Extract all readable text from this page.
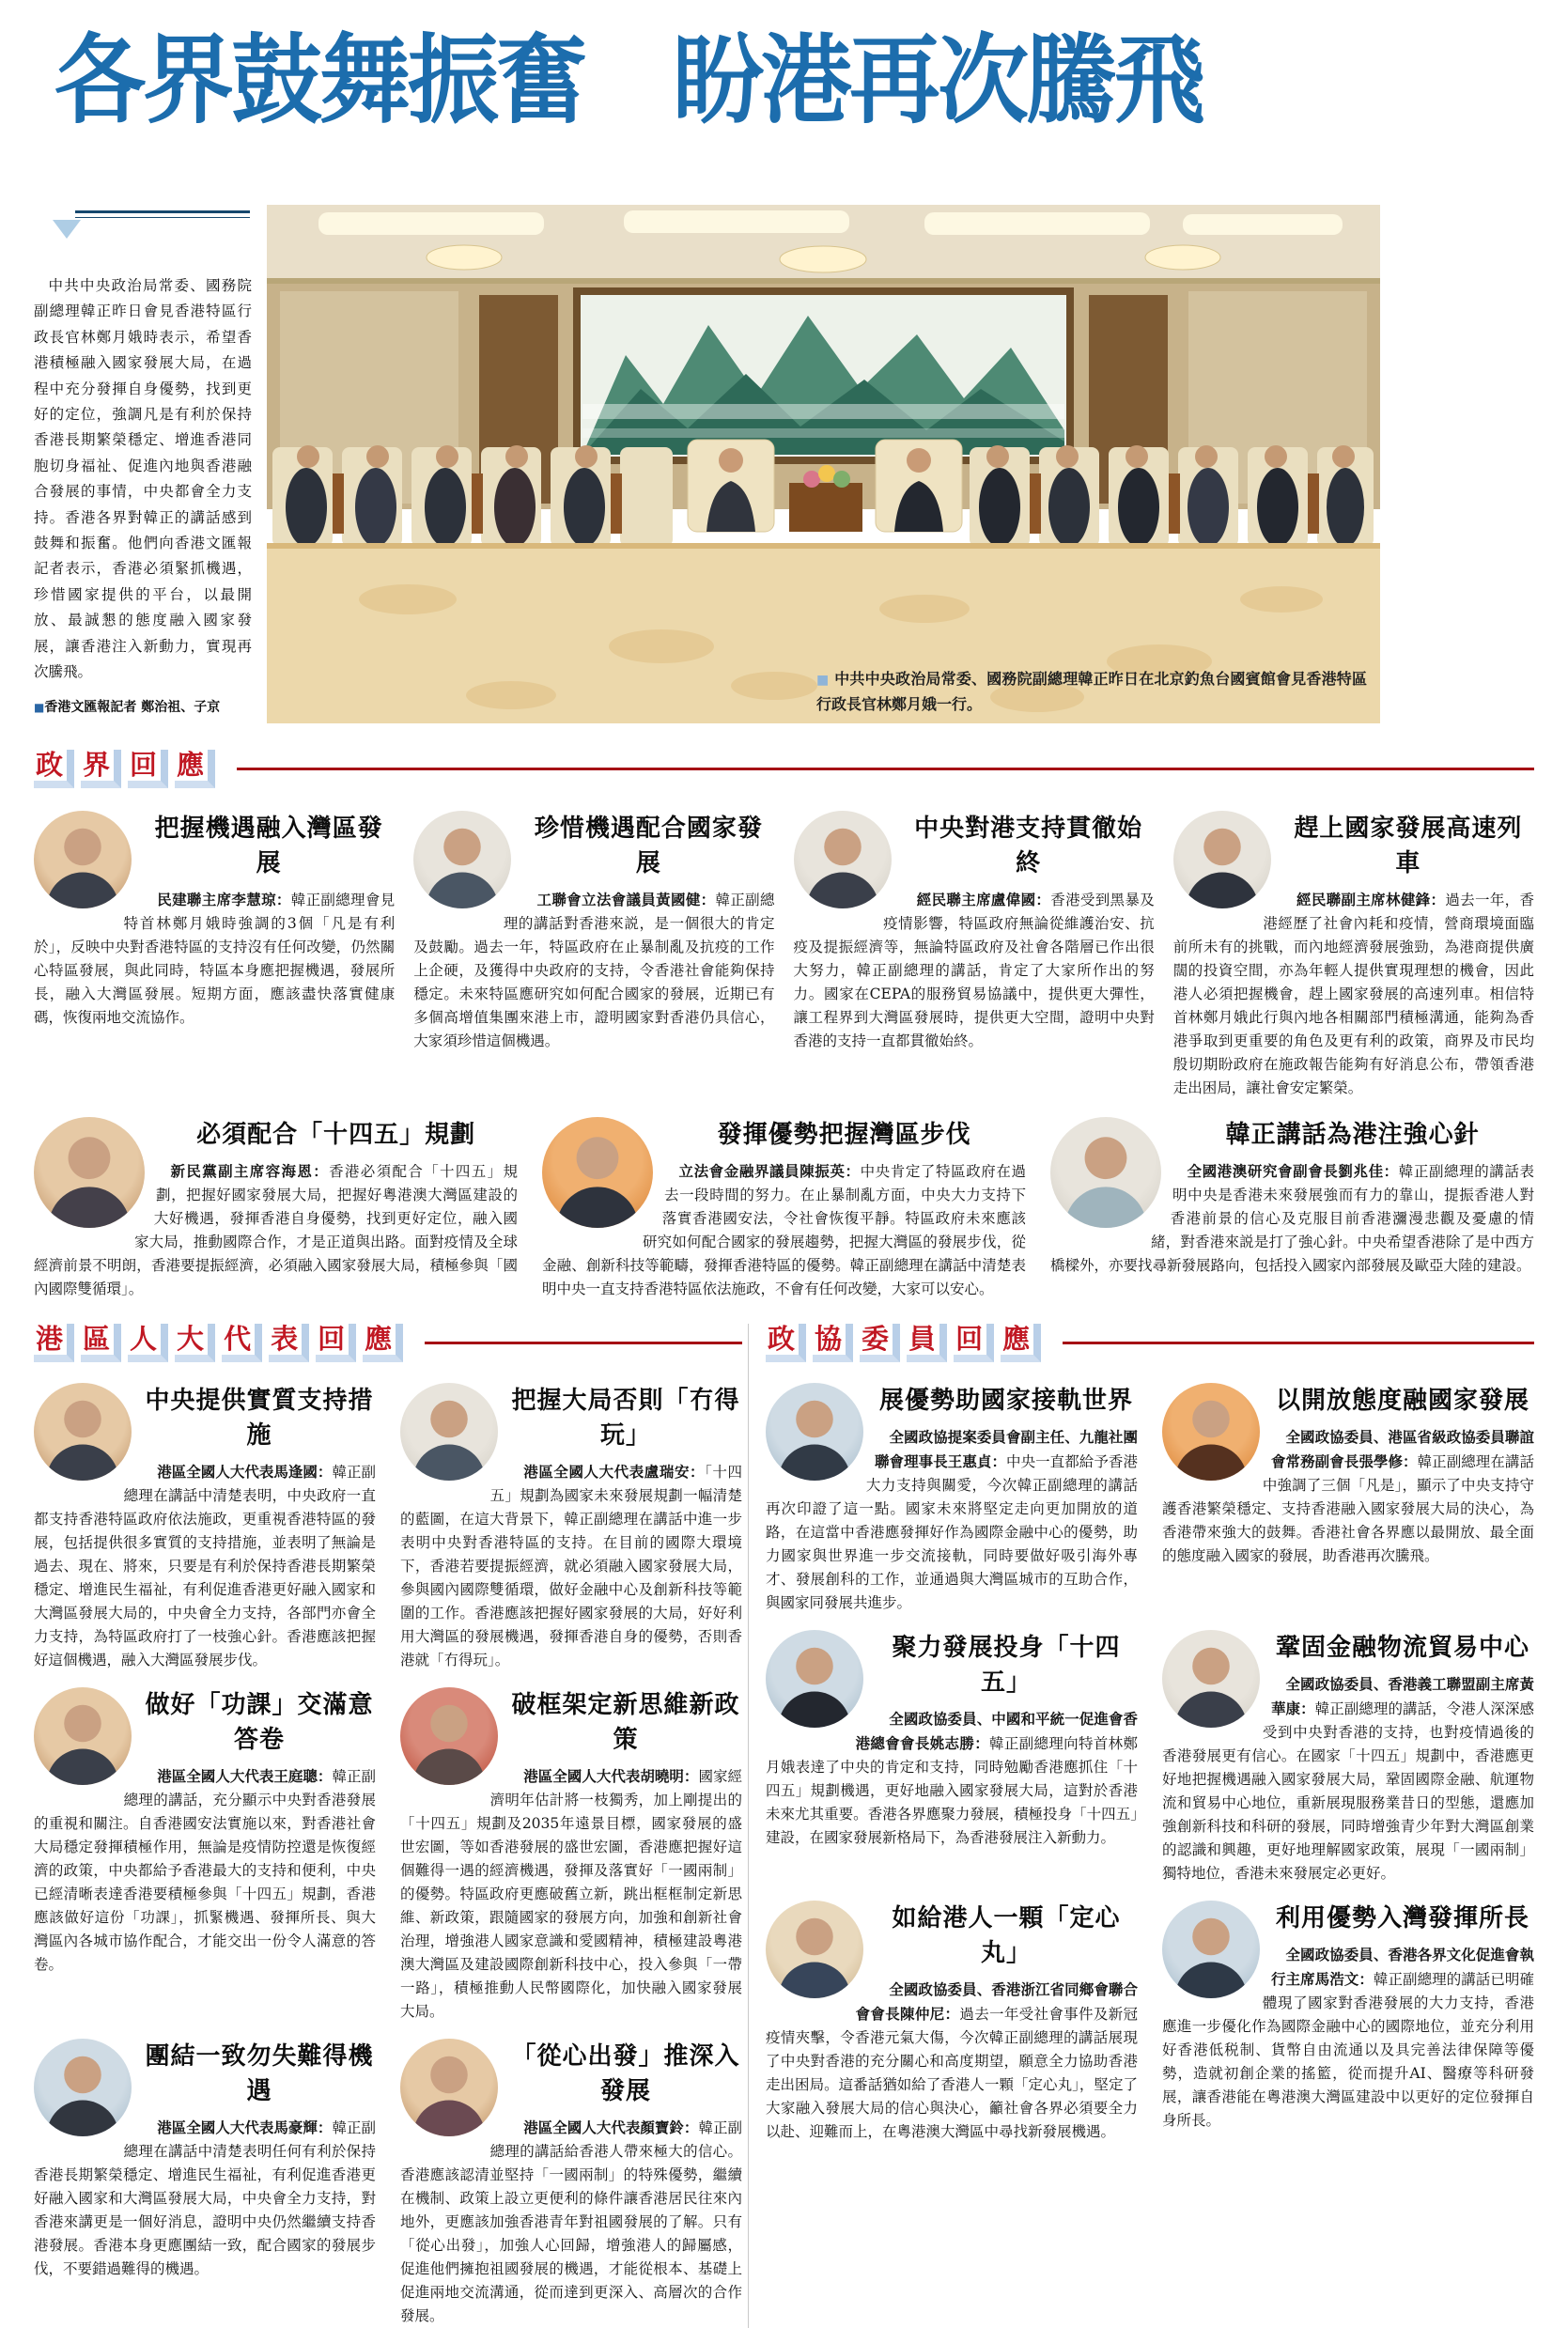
各界鼓舞振奮　盼港再次騰飛

中共中央政治局常委、國務院副總理韓正昨日會見香港特區行政長官林鄭月娥時表示，希望香港積極融入國家發展大局，在過程中充分發揮自身優勢，找到更好的定位，強調凡是有利於保持香港長期繁榮穩定、增進香港同胞切身福祉、促進內地與香港融合發展的事情，中央都會全力支持。香港各界對韓正的講話感到鼓舞和振奮。他們向香港文匯報記者表示，香港必須緊抓機遇，珍惜國家提供的平台，以最開放、最誠懇的態度融入國家發展，讓香港注入新動力，實現再次騰飛。

■香港文匯報記者 鄭治祖、子京

■ 中共中央政治局常委、國務院副總理韓正昨日在北京釣魚台國賓館會見香港特區行政長官林鄭月娥一行。
政 界 回 應
把握機遇融入灣區發展

民建聯主席李慧琼：韓正副總理會見特首林鄭月娥時強調的3個「凡是有利於」，反映中央對香港特區的支持沒有任何改變，仍然關心特區發展，與此同時，特區本身應把握機遇，發展所長，融入大灣區發展。短期方面，應該盡快落實健康碼，恢復兩地交流協作。

珍惜機遇配合國家發展

工聯會立法會議員黃國健：韓正副總理的講話對香港來説，是一個很大的肯定及鼓勵。過去一年，特區政府在止暴制亂及抗疫的工作上企硬，及獲得中央政府的支持，令香港社會能夠保持穩定。未來特區應研究如何配合國家的發展，近期已有多個高增值集團來港上市，證明國家對香港仍具信心，大家須珍惜這個機遇。

中央對港支持貫徹始終

經民聯主席盧偉國：香港受到黑暴及疫情影響，特區政府無論從維護治安、抗疫及提振經濟等，無論特區政府及社會各階層已作出很大努力，韓正副總理的講話，肯定了大家所作出的努力。國家在CEPA的服務貿易協議中，提供更大彈性，讓工程界到大灣區發展時，提供更大空間，證明中央對香港的支持一直都貫徹始終。

趕上國家發展高速列車

經民聯副主席林健鋒：過去一年，香港經歷了社會內耗和疫情，營商環境面臨前所未有的挑戰，而內地經濟發展強勁，為港商提供廣闊的投資空間，亦為年輕人提供實現理想的機會，因此港人必須把握機會，趕上國家發展的高速列車。相信特首林鄭月娥此行與內地各相關部門積極溝通，能夠為香港爭取到更重要的角色及更有利的政策，商界及市民均殷切期盼政府在施政報告能夠有好消息公布，帶領香港走出困局，讓社會安定繁榮。

必須配合「十四五」規劃

新民黨副主席容海恩：香港必須配合「十四五」規劃，把握好國家發展大局，把握好粵港澳大灣區建設的大好機遇，發揮香港自身優勢，找到更好定位，融入國家大局，推動國際合作，才是正道與出路。面對疫情及全球經濟前景不明朗，香港要提振經濟，必須融入國家發展大局，積極參與「國內國際雙循環」。

發揮優勢把握灣區步伐

立法會金融界議員陳振英：中央肯定了特區政府在過去一段時間的努力。在止暴制亂方面，中央大力支持下落實香港國安法，令社會恢復平靜。特區政府未來應該研究如何配合國家的發展趨勢，把握大灣區的發展步伐，從金融、創新科技等範疇，發揮香港特區的優勢。韓正副總理在講話中清楚表明中央一直支持香港特區依法施政，不會有任何改變，大家可以安心。

韓正講話為港注強心針

全國港澳研究會副會長劉兆佳：韓正副總理的講話表明中央是香港未來發展強而有力的靠山，提振香港人對香港前景的信心及克服目前香港瀰漫悲觀及憂慮的情緒，對香港來説是打了強心針。中央希望香港除了是中西方橋樑外，亦要找尋新發展路向，包括投入國家內部發展及歐亞大陸的建設。

港 區 人 大 代 表 回 應
中央提供實質支持措施

港區全國人大代表馬逢國：韓正副總理在講話中清楚表明，中央政府一直都支持香港特區政府依法施政，更重視香港特區的發展，包括提供很多實質的支持措施，並表明了無論是過去、現在、將來，只要是有利於保持香港長期繁榮穩定、增進民生福祉，有利促進香港更好融入國家和大灣區發展大局的，中央會全力支持，各部門亦會全力支持，為特區政府打了一枝強心針。香港應該把握好這個機遇，融入大灣區發展步伐。

把握大局否則「冇得玩」

港區全國人大代表盧瑞安：「十四五」規劃為國家未來發展規劃一幅清楚的藍圖，在這大背景下，韓正副總理在講話中進一步表明中央對香港特區的支持。在目前的國際大環境下，香港若要提振經濟，就必須融入國家發展大局，參與國內國際雙循環，做好金融中心及創新科技等範圍的工作。香港應該把握好國家發展的大局，好好利用大灣區的發展機遇，發揮香港自身的優勢，否則香港就「冇得玩」。

做好「功課」交滿意答卷

港區全國人大代表王庭聰：韓正副總理的講話，充分顯示中央對香港發展的重視和關注。自香港國安法實施以來，對香港社會大局穩定發揮積極作用，無論是疫情防控還是恢復經濟的政策，中央都給予香港最大的支持和便利，中央已經清晰表達香港要積極參與「十四五」規劃，香港應該做好這份「功課」，抓緊機遇、發揮所長、與大灣區內各城市協作配合，才能交出一份令人滿意的答卷。

破框架定新思維新政策

港區全國人大代表胡曉明：國家經濟明年估計將一枝獨秀，加上剛提出的「十四五」規劃及2035年遠景目標，國家發展的盛世宏圖，等如香港發展的盛世宏圖，香港應把握好這個難得一遇的經濟機遇，發揮及落實好「一國兩制」的優勢。特區政府更應破舊立新，跳出框框制定新思維、新政策，跟隨國家的發展方向，加強和創新社會治理，增強港人國家意識和愛國精神，積極建設粵港澳大灣區及建設國際創新科技中心，投入參與「一帶一路」，積極推動人民幣國際化，加快融入國家發展大局。

團結一致勿失難得機遇

港區全國人大代表馬豪輝：韓正副總理在講話中清楚表明任何有利於保持香港長期繁榮穩定、增進民生福祉，有利促進香港更好融入國家和大灣區發展大局，中央會全力支持，對香港來講更是一個好消息，證明中央仍然繼續支持香港發展。香港本身更應團結一致，配合國家的發展步伐，不要錯過難得的機遇。

「從心出發」推深入發展

港區全國人大代表顏寶鈴：韓正副總理的講話給香港人帶來極大的信心。香港應該認清並堅持「一國兩制」的特殊優勢，繼續在機制、政策上設立更便利的條件讓香港居民往來內地外，更應該加強香港青年對祖國發展的了解。只有「從心出發」，加強人心回歸，增強港人的歸屬感，促進他們擁抱祖國發展的機遇，才能從根本、基礎上促進兩地交流溝通，從而達到更深入、高層次的合作發展。

政 協 委 員 回 應
展優勢助國家接軌世界

全國政協提案委員會副主任、九龍社團聯會理事長王惠貞：中央一直都給予香港大力支持與關愛，今次韓正副總理的講話再次印證了這一點。國家未來將堅定走向更加開放的道路，在這當中香港應發揮好作為國際金融中心的優勢，助力國家與世界進一步交流接軌，同時要做好吸引海外專才、發展創科的工作，並通過與大灣區城市的互助合作，與國家同發展共進步。

以開放態度融國家發展

全國政協委員、港區省級政協委員聯誼會常務副會長張學修：韓正副總理在講話中強調了三個「凡是」，顯示了中央支持守護香港繁榮穩定、支持香港融入國家發展大局的決心，為香港帶來強大的鼓舞。香港社會各界應以最開放、最全面的態度融入國家的發展，助香港再次騰飛。

聚力發展投身「十四五」

全國政協委員、中國和平統一促進會香港總會會長姚志勝：韓正副總理向特首林鄭月娥表達了中央的肯定和支持，同時勉勵香港應抓住「十四五」規劃機遇，更好地融入國家發展大局，這對於香港未來尤其重要。香港各界應聚力發展，積極投身「十四五」建設，在國家發展新格局下，為香港發展注入新動力。

鞏固金融物流貿易中心

全國政協委員、香港義工聯盟副主席黃華康：韓正副總理的講話，令港人深深感受到中央對香港的支持，也對疫情過後的香港發展更有信心。在國家「十四五」規劃中，香港應更好地把握機遇融入國家發展大局，鞏固國際金融、航運物流和貿易中心地位，重新展現服務業昔日的型態，還應加強創新科技和科研的發展，同時增強青少年對大灣區創業的認識和興趣，更好地理解國家政策，展現「一國兩制」獨特地位，香港未來發展定必更好。

如給港人一顆「定心丸」

全國政協委員、香港浙江省同鄉會聯合會會長陳仲尼：過去一年受社會事件及新冠疫情夾擊，令香港元氣大傷，今次韓正副總理的講話展現了中央對香港的充分關心和高度期望，願意全力協助香港走出困局。這番話猶如給了香港人一顆「定心丸」，堅定了大家融入發展大局的信心與決心，籲社會各界必須要全力以赴、迎難而上，在粵港澳大灣區中尋找新發展機遇。

利用優勢入灣發揮所長

全國政協委員、香港各界文化促進會執行主席馬浩文：韓正副總理的講話已明確體現了國家對香港發展的大力支持，香港應進一步優化作為國際金融中心的國際地位，並充分利用好香港低税制、貨幣自由流通以及具完善法律保障等優勢，造就初創企業的搖籃，從而提升AI、醫療等科研發展，讓香港能在粵港澳大灣區建設中以更好的定位發揮自身所長。
